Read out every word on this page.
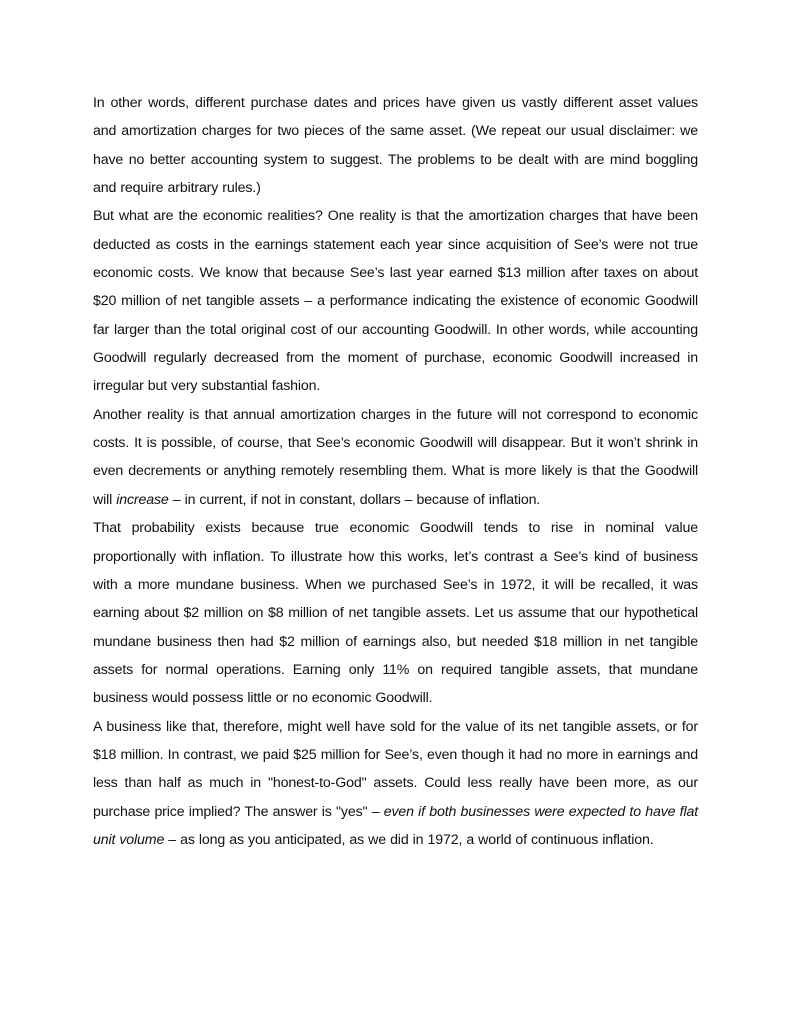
In other words, different purchase dates and prices have given us vastly different asset values and amortization charges for two pieces of the same asset. (We repeat our usual disclaimer: we have no better accounting system to suggest. The problems to be dealt with are mind boggling and require arbitrary rules.)

But what are the economic realities? One reality is that the amortization charges that have been deducted as costs in the earnings statement each year since acquisition of See’s were not true economic costs. We know that because See’s last year earned $13 million after taxes on about $20 million of net tangible assets – a performance indicating the existence of economic Goodwill far larger than the total original cost of our accounting Goodwill. In other words, while accounting Goodwill regularly decreased from the moment of purchase, economic Goodwill increased in irregular but very substantial fashion.

Another reality is that annual amortization charges in the future will not correspond to economic costs. It is possible, of course, that See’s economic Goodwill will disappear. But it won’t shrink in even decrements or anything remotely resembling them. What is more likely is that the Goodwill will increase – in current, if not in constant, dollars – because of inflation.

That probability exists because true economic Goodwill tends to rise in nominal value proportionally with inflation. To illustrate how this works, let’s contrast a See’s kind of business with a more mundane business. When we purchased See’s in 1972, it will be recalled, it was earning about $2 million on $8 million of net tangible assets. Let us assume that our hypothetical mundane business then had $2 million of earnings also, but needed $18 million in net tangible assets for normal operations. Earning only 11% on required tangible assets, that mundane business would possess little or no economic Goodwill.

A business like that, therefore, might well have sold for the value of its net tangible assets, or for $18 million. In contrast, we paid $25 million for See’s, even though it had no more in earnings and less than half as much in "honest-to-God" assets. Could less really have been more, as our purchase price implied? The answer is "yes" – even if both businesses were expected to have flat unit volume – as long as you anticipated, as we did in 1972, a world of continuous inflation.
